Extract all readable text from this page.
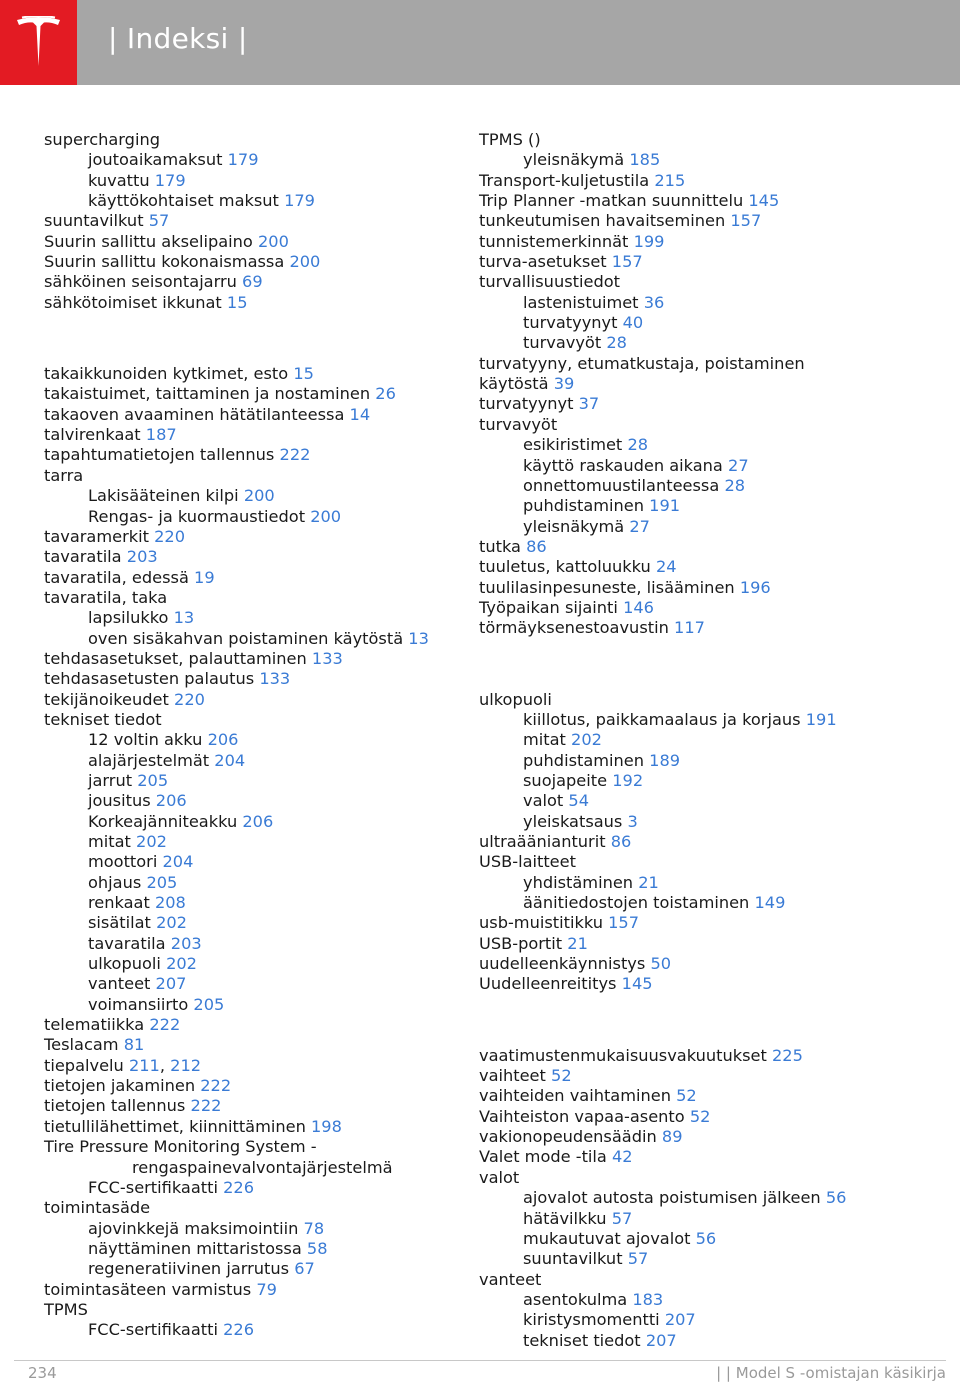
| Indeksi |
supercharging
joutoaikamaksut 179
kuvattu 179
käyttökohtaiset maksut 179
suuntavilkut 57
Suurin sallittu akselipaino 200
Suurin sallittu kokonaismassa 200
sähköinen seisontajarru 69
sähkötoimiset ikkunat 15
takaikkunoiden kytkimet, esto 15
takaistuimet, taittaminen ja nostaminen 26
takaoven avaaminen hätätilanteessa 14
talvirenkaat 187
tapahtumatietojen tallennus 222
tarra
Lakisääteinen kilpi 200
Rengas- ja kuormaustiedot 200
tavaramerkit 220
tavaratila 203
tavaratila, edessä 19
tavaratila, taka
lapsilukko 13
oven sisäkahvan poistaminen käytöstä 13
tehdasasetukset, palauttaminen 133
tehdasasetusten palautus 133
tekijänoikeudet 220
tekniset tiedot
12 voltin akku 206
alajärjestelmät 204
jarrut 205
jousitus 206
Korkeajänniteakku 206
mitat 202
moottori 204
ohjaus 205
renkaat 208
sisätilat 202
tavaratila 203
ulkopuoli 202
vanteet 207
voimansiirto 205
telematiikka 222
Teslacam 81
tiepalvelu 211, 212
tietojen jakaminen 222
tietojen tallennus 222
tietullilähettimet, kiinnittäminen 198
Tire Pressure Monitoring System -
rengaspainevalvontajärjestelmä
FCC-sertifikaatti 226
toimintasäde
ajovinkkejä maksimointiin 78
näyttäminen mittaristossa 58
regeneratiivinen jarrutus 67
toimintasäteen varmistus 79
TPMS
FCC-sertifikaatti 226
TPMS ()
yleisnäkymä 185
Transport-kuljetustila 215
Trip Planner -matkan suunnittelu 145
tunkeutumisen havaitseminen 157
tunnistemerkinnät 199
turva-asetukset 157
turvallisuustiedot
lastenistuimet 36
turvatyynyt 40
turvavyöt 28
turvatyyny, etumatkustaja, poistaminen
käytöstä 39
turvatyynyt 37
turvavyöt
esikiristimet 28
käyttö raskauden aikana 27
onnettomuustilanteessa 28
puhdistaminen 191
yleisnäkymä 27
tutka 86
tuuletus, kattoluukku 24
tuulilasinpesuneste, lisääminen 196
Työpaikan sijainti 146
törmäyksenestoavustin 117
ulkopuoli
kiillotus, paikkamaalaus ja korjaus 191
mitat 202
puhdistaminen 189
suojapeite 192
valot 54
yleiskatsaus 3
ultraäänianturit 86
USB-laitteet
yhdistäminen 21
äänitiedostojen toistaminen 149
usb-muistitikku 157
USB-portit 21
uudelleenkäynnistys 50
Uudelleenreititys 145
vaatimustenmukaisuusvakuutukset 225
vaihteet 52
vaihteiden vaihtaminen 52
Vaihteiston vapaa-asento 52
vakionopeudensäädin 89
Valet mode -tila 42
valot
ajovalot autosta poistumisen jälkeen 56
hätävilkku 57
mukautuvat ajovalot 56
suuntavilkut 57
vanteet
asentokulma 183
kiristysmomentti 207
tekniset tiedot 207
234	| | Model S -omistajan käsikirja
